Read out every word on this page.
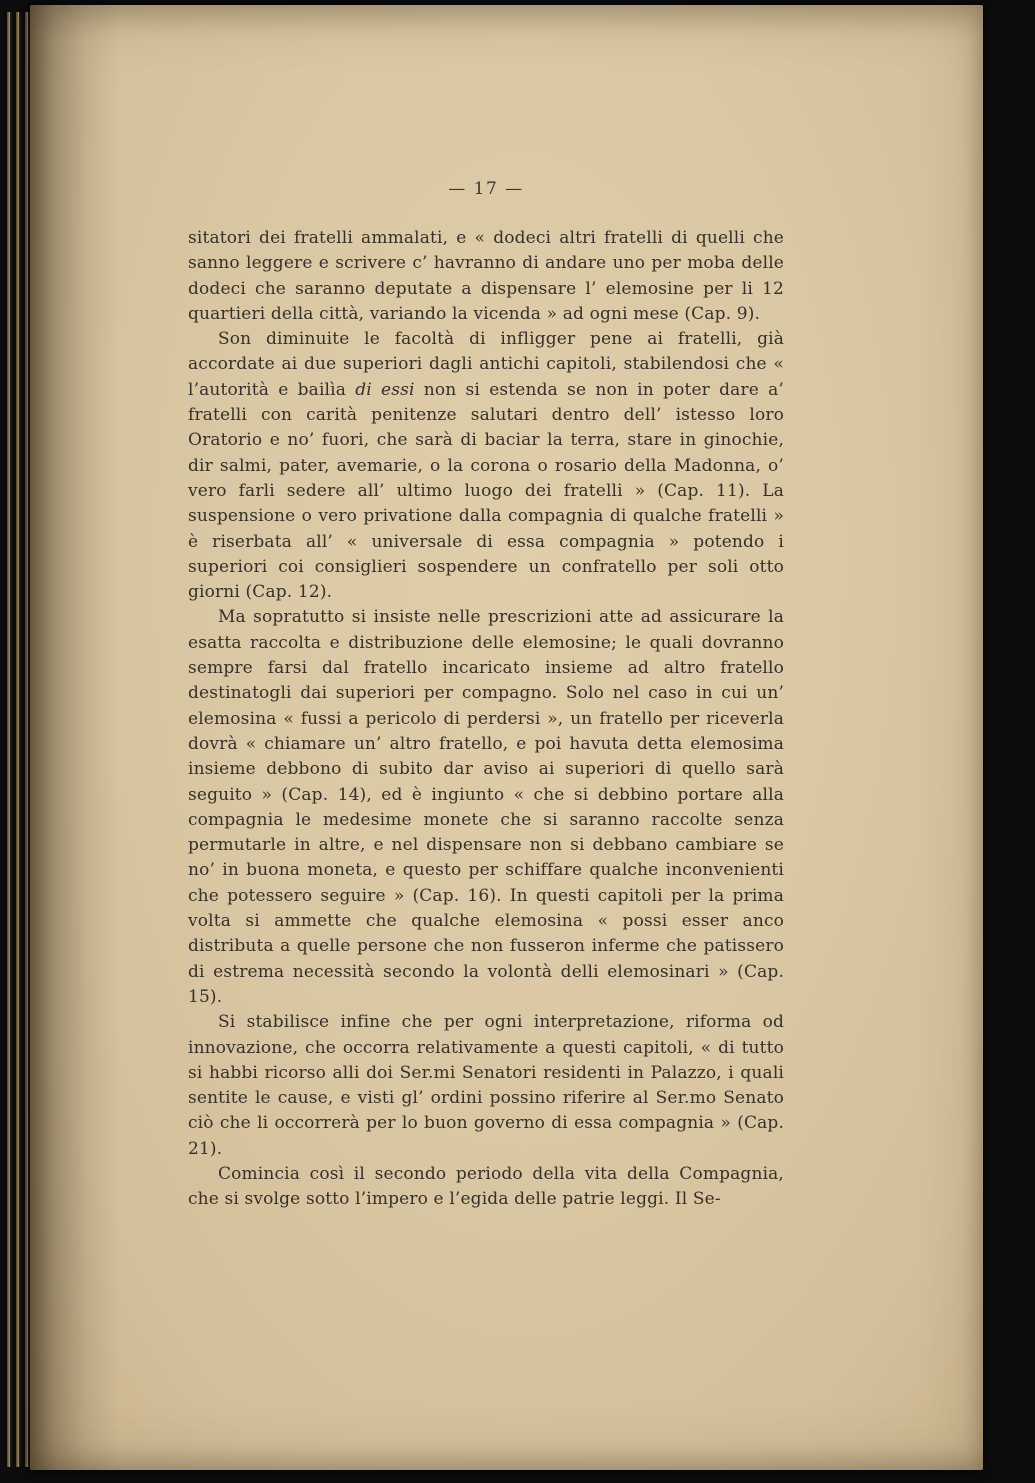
— 17 —

sitatori dei fratelli ammalati, e « dodeci altri fratelli di quelli che sanno leggere e scrivere c’ havranno di andare uno per moba delle dodeci che saranno deputate a dispensare l’ elemosine per li 12 quartieri della città, variando la vicenda » ad ogni mese (Cap. 9).

Son diminuite le facoltà di infligger pene ai fratelli, già accordate ai due superiori dagli antichi capitoli, stabilendosi che « l’autorità e bailìa di essi non si estenda se non in poter dare a’ fratelli con carità penitenze salutari dentro dell’ istesso loro Oratorio e no’ fuori, che sarà di baciar la terra, stare in ginochie, dir salmi, pater, avemarie, o la corona o rosario della Madonna, o’ vero farli sedere all’ ultimo luogo dei fratelli » (Cap. 11). La suspensione o vero privatione dalla compagnia di qualche fratelli » è riserbata all’ « universale di essa compagnia » potendo i superiori coi consiglieri sospendere un confratello per soli otto giorni (Cap. 12).

Ma sopratutto si insiste nelle prescrizioni atte ad assicurare la esatta raccolta e distribuzione delle elemosine; le quali dovranno sempre farsi dal fratello incaricato insieme ad altro fratello destinatogli dai superiori per compagno. Solo nel caso in cui un’ elemosina « fussi a pericolo di perdersi », un fratello per riceverla dovrà « chiamare un’ altro fratello, e poi havuta detta elemosima insieme debbono di subito dar aviso ai superiori di quello sarà seguito » (Cap. 14), ed è ingiunto « che si debbino portare alla compagnia le medesime monete che si saranno raccolte senza permutarle in altre, e nel dispensare non si debbano cambiare se no’ in buona moneta, e questo per schiffare qualche inconvenienti che potessero seguire » (Cap. 16). In questi capitoli per la prima volta si ammette che qualche elemosina « possi esser anco distributa a quelle persone che non fusseron inferme che patissero di estrema necessità secondo la volontà delli elemosinari » (Cap. 15).

Si stabilisce infine che per ogni interpretazione, riforma od innovazione, che occorra relativamente a questi capitoli, « di tutto si habbi ricorso alli doi Ser.mi Senatori residenti in Palazzo, i quali sentite le cause, e visti gl’ ordini possino riferire al Ser.mo Senato ciò che li occorrerà per lo buon governo di essa compagnia » (Cap. 21).

Comincia così il secondo periodo della vita della Compagnia, che si svolge sotto l’impero e l’egida delle patrie leggi. Il Se-
